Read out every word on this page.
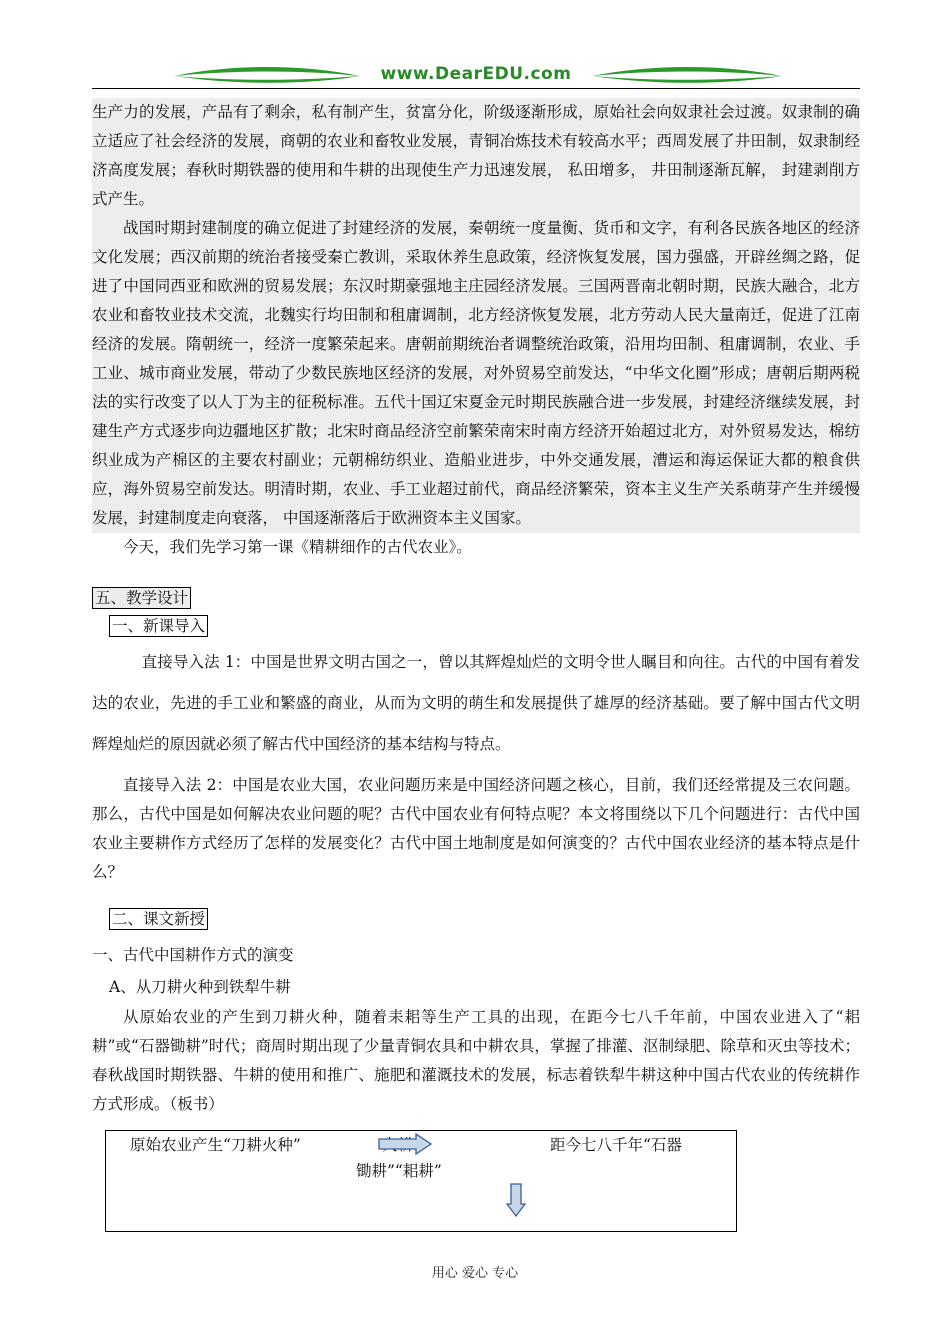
www.DearEDU.com

生产力的发展，产品有了剩余，私有制产生，贫富分化，阶级逐渐形成，原始社会向奴隶社会过渡。奴隶制的确立适应了社会经济的发展，商朝的农业和畜牧业发展，青铜冶炼技术有较高水平；西周发展了井田制，奴隶制经济高度发展；春秋时期铁器的使用和牛耕的出现使生产力迅速发展， 私田增多， 井田制逐渐瓦解， 封建剥削方式产生。

战国时期封建制度的确立促进了封建经济的发展，秦朝统一度量衡、货币和文字，有利各民族各地区的经济文化发展；西汉前期的统治者接受秦亡教训，采取休养生息政策，经济恢复发展，国力强盛，开辟丝绸之路，促进了中国同西亚和欧洲的贸易发展；东汉时期豪强地主庄园经济发展。三国两晋南北朝时期，民族大融合，北方农业和畜牧业技术交流，北魏实行均田制和租庸调制，北方经济恢复发展，北方劳动人民大量南迁，促进了江南经济的发展。隋朝统一，经济一度繁荣起来。唐朝前期统治者调整统治政策，沿用均田制、租庸调制，农业、手工业、城市商业发展，带动了少数民族地区经济的发展，对外贸易空前发达，“中华文化圈”形成；唐朝后期两税法的实行改变了以人丁为主的征税标准。五代十国辽宋夏金元时期民族融合进一步发展，封建经济继续发展，封建生产方式逐步向边疆地区扩散；北宋时商品经济空前繁荣南宋时南方经济开始超过北方，对外贸易发达，棉纺织业成为产棉区的主要农村副业；元朝棉纺织业、造船业进步，中外交通发展，漕运和海运保证大都的粮食供应，海外贸易空前发达。明清时期，农业、手工业超过前代，商品经济繁荣，资本主义生产关系萌芽产生并缓慢发展，封建制度走向衰落， 中国逐渐落后于欧洲资本主义国家。

今天，我们先学习第一课《精耕细作的古代农业》。

五、教学设计
一、新课导入

直接导入法 1：中国是世界文明古国之一，曾以其辉煌灿烂的文明令世人瞩目和向往。古代的中国有着发达的农业，先进的手工业和繁盛的商业，从而为文明的萌生和发展提供了雄厚的经济基础。要了解中国古代文明辉煌灿烂的原因就必须了解古代中国经济的基本结构与特点。

直接导入法 2：中国是农业大国，农业问题历来是中国经济问题之核心，目前，我们还经常提及三农问题。那么，古代中国是如何解决农业问题的呢？古代中国农业有何特点呢？本文将围绕以下几个问题进行：古代中国农业主要耕作方式经历了怎样的发展变化？古代中国土地制度是如何演变的？古代中国农业经济的基本特点是什么？

二、课文新授

一、古代中国耕作方式的演变

A、从刀耕火种到铁犁牛耕

从原始农业的产生到刀耕火种，随着耒耜等生产工具的出现，在距今七八千年前，中国农业进入了“耜耕”或“石器锄耕”时代；商周时期出现了少量青铜农具和中耕农具，掌握了排灌、沤制绿肥、除草和灭虫等技术；春秋战国时期铁器、牛耕的使用和推广、施肥和灌溉技术的发展，标志着铁犁牛耕这种中国古代农业的传统耕作方式形成。（板书）

原始农业产生“刀耕火种”	距今七八千年“石器
锄耕”“耜耕”
用心 爱心 专心
